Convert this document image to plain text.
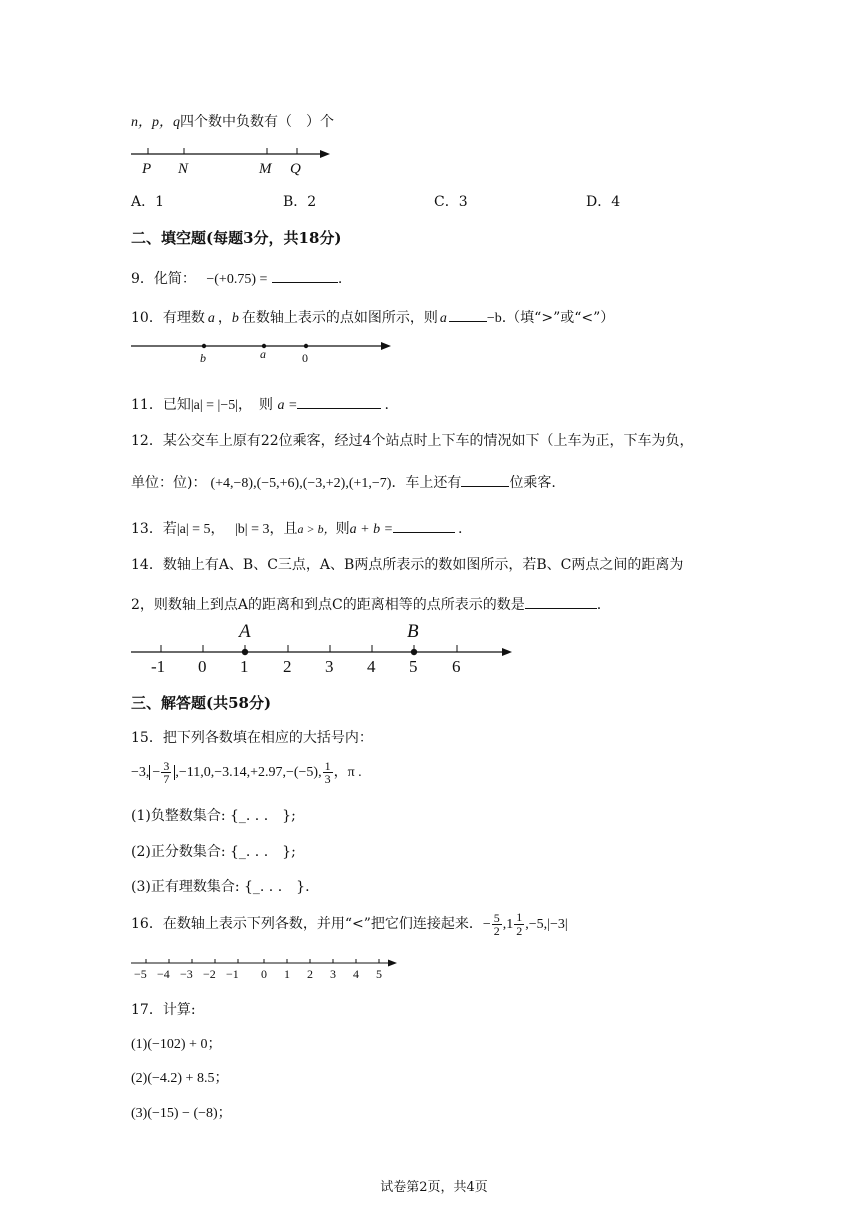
n，p，q四个数中负数有（　）个
P N	M Q
A．1	B．2	C．3	D．4
二、填空题(每题3分，共18分)
9．化简： −(+0.75) =	.
10．有理数 a ，b 在数轴上表示的点如图所示，则 a	−b.（填“>”或“<”）
b	a	0
11．已知|a| = |−5|，　则 a =	.
12．某公交车上原有22位乘客，经过4个站点时上下车的情况如下（上车为正，下车为负，
单位：位)： (+4,−8),(−5,+6),(−3,+2),(+1,−7)．车上还有	位乘客.
13．若|a| = 5， |b| = 3，且a > b，则a + b =	.
14．数轴上有A、B、C三点，A、B两点所表示的数如图所示，若B、C两点之间的距离为
2，则数轴上到点A的距离和到点C的距离相等的点所表示的数是	.
A	B
-1 0 1 2 3 4 5 6
三、解答题(共58分)
15．把下列各数填在相应的大括号内：
−3, − $\frac{3}{7} ,-11,0,-3.14,+2.97,-(-5)$, $\frac{1}{3}$ ，π .
(1)负整数集合: {_. . .　};
(2)正分数集合: {_. . .　};
(3)正有理数集合: {_. . .　}.
16．在数轴上表示下列各数，并用“<”把它们连接起来．− $\frac{5}{2} ,1 \frac{1}{2} ,-5,|-3|$
−5 −4 −3 −2 −1 0 1 2 3 4 5
17．计算:
(1)(−102) + 0；
(2)(−4.2) + 8.5；
(3)(−15) − (−8)；
试卷第2页，共4页
